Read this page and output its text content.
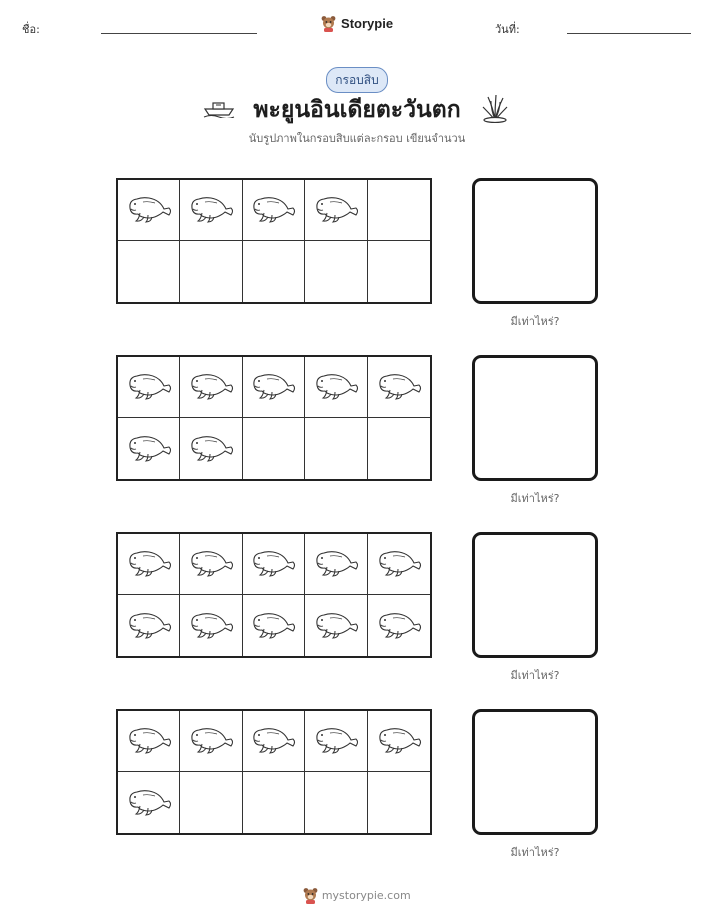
ชื่อ:	Storypie	วันที่:
กรอบสิบ
พะยูนอินเดียตะวันตก
นับรูปภาพในกรอบสิบแต่ละกรอบ เขียนจำนวน
มีเท่าไหร่?
มีเท่าไหร่?
มีเท่าไหร่?
มีเท่าไหร่?
mystorypie.com
